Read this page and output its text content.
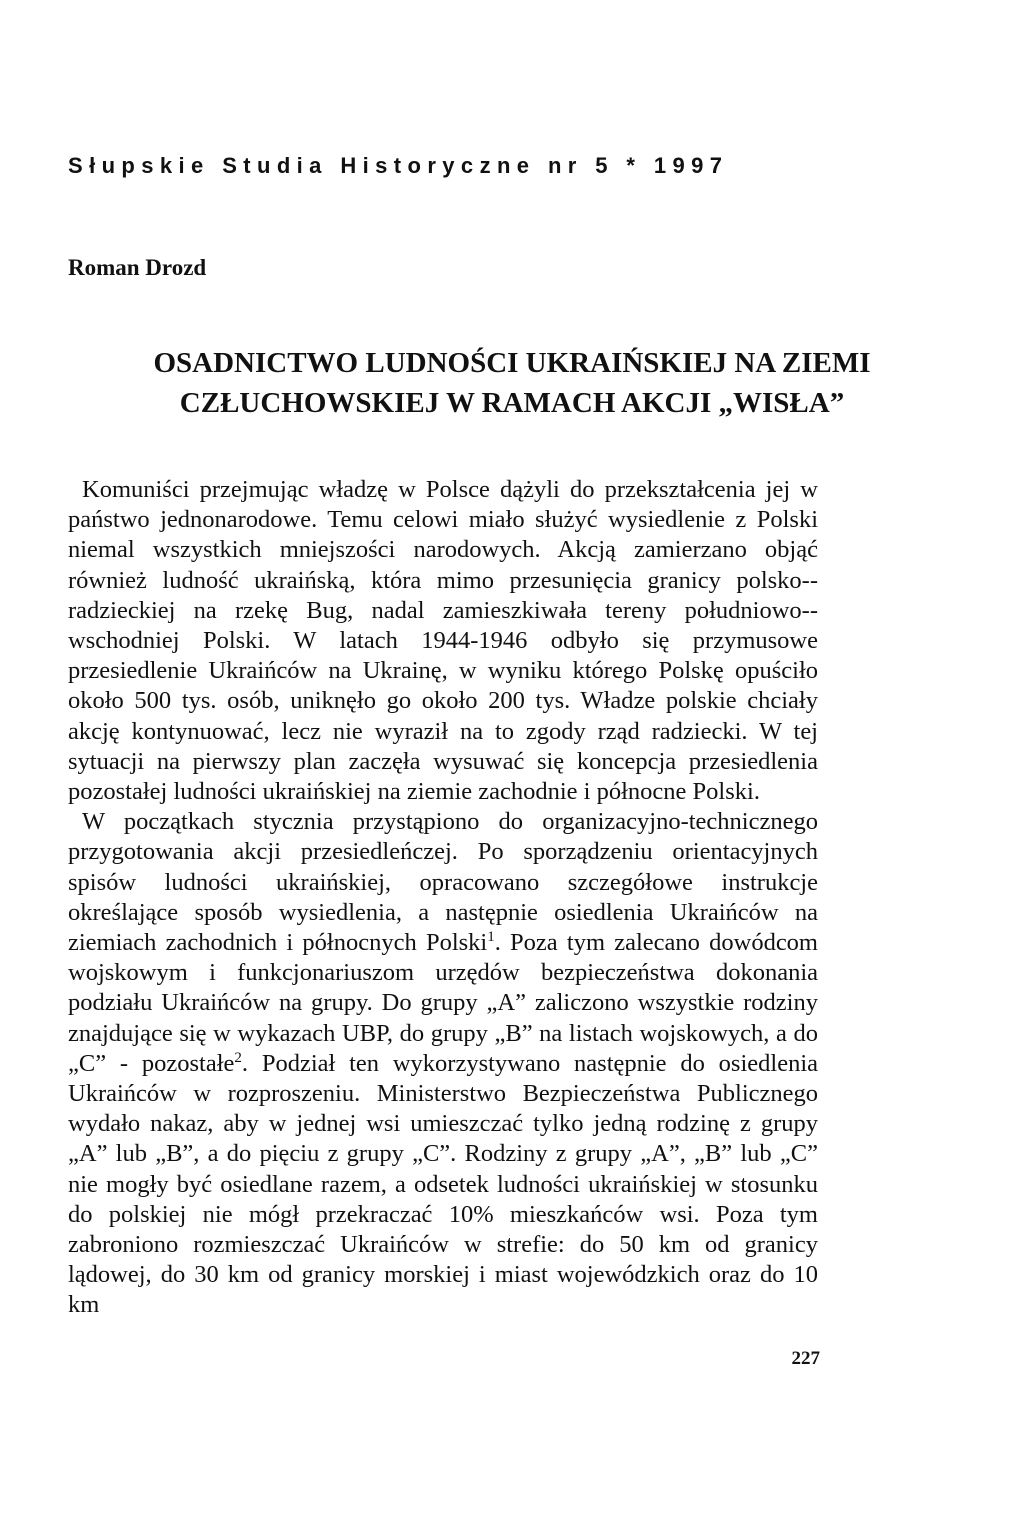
Słupskie Studia Historyczne nr 5 * 1997
Roman Drozd
OSADNICTWO LUDNOŚCI UKRAIŃSKIEJ NA ZIEMI
CZŁUCHOWSKIEJ W RAMACH AKCJI „WISŁA”

Komuniści przejmując władzę w Polsce dążyli do przekształcenia jej w państwo jednonarodowe. Temu celowi miało służyć wysiedlenie z Polski niemal wszystkich mniejszości narodowych. Akcją zamierzano objąć również ludność ukraińską, która mimo przesunięcia granicy polsko--radzieckiej na rzekę Bug, nadal zamieszkiwała tereny południowo--wschodniej Polski. W latach 1944-1946 odbyło się przymusowe przesiedlenie Ukraińców na Ukrainę, w wyniku którego Polskę opuściło około 500 tys. osób, uniknęło go około 200 tys. Władze polskie chciały akcję kontynuować, lecz nie wyraził na to zgody rząd radziecki. W tej sytuacji na pierwszy plan zaczęła wysuwać się koncepcja przesiedlenia pozostałej ludności ukraińskiej na ziemie zachodnie i północne Polski.

W początkach stycznia przystąpiono do organizacyjno-technicznego przygotowania akcji przesiedleńczej. Po sporządzeniu orientacyjnych spisów ludności ukraińskiej, opracowano szczegółowe instrukcje określające sposób wysiedlenia, a następnie osiedlenia Ukraińców na ziemiach zachodnich i północnych Polski$^1$. Poza tym zalecano dowódcom wojskowym i funkcjonariuszom urzędów bezpieczeństwa dokonania podziału Ukraińców na grupy. Do grupy „A” zaliczono wszystkie rodziny znajdujące się w wykazach UBP, do grupy „B” na listach wojskowych, a do „C” - pozostałe$^2$. Podział ten wykorzystywano następnie do osiedlenia Ukraińców w rozproszeniu. Ministerstwo Bezpieczeństwa Publicznego wydało nakaz, aby w jednej wsi umieszczać tylko jedną rodzinę z grupy „A” lub „B”, a do pięciu z grupy „C”. Rodziny z grupy „A”, „B” lub „C” nie mogły być osiedlane razem, a odsetek ludności ukraińskiej w stosunku do polskiej nie mógł przekraczać 10% mieszkańców wsi. Poza tym zabroniono rozmieszczać Ukraińców w strefie: do 50 km od granicy lądowej, do 30 km od granicy morskiej i miast wojewódzkich oraz do 10 km

227
